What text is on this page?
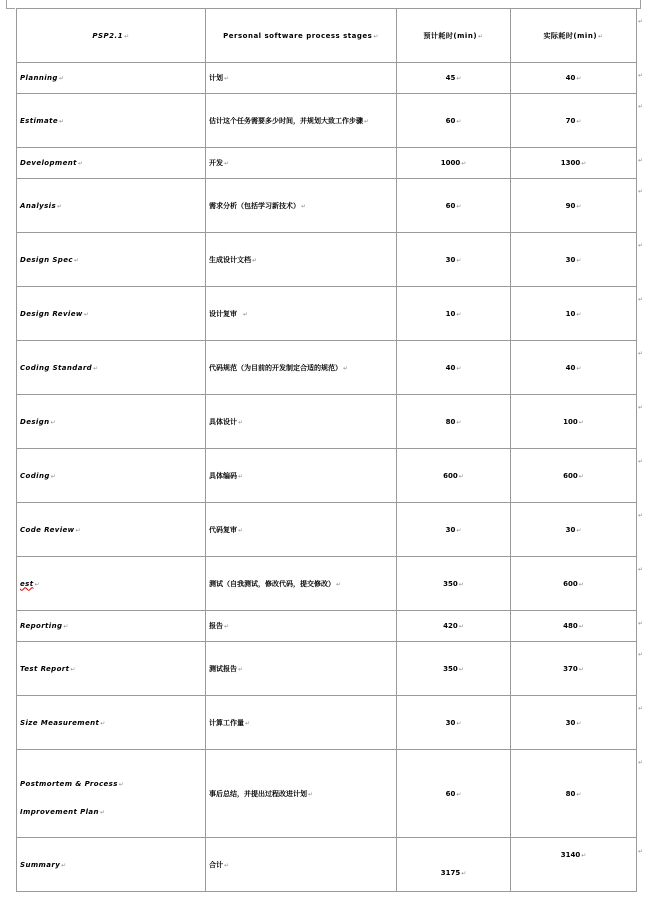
PSP2.1↵	Personal software process stages↵	预计耗时(min)↵	实际耗时(min)↵
Planning↵	计划↵	45↵	40↵
Estimate↵	估计这个任务需要多少时间，并规划大致工作步骤↵	60↵	70↵
Development↵	开发↵	1000↵	1300↵
Analysis↵	需求分析（包括学习新技术）↵	60↵	90↵
Design Spec↵	生成设计文档↵	30↵	30↵
Design Review↵	设计复审 ↵	10↵	10↵
Coding Standard↵	代码规范（为目前的开发制定合适的规范）↵	40↵	40↵
Design↵	具体设计↵	80↵	100↵
Coding↵	具体编码↵	600↵	600↵
Code Review↵	代码复审↵	30↵	30↵
est↵	测试（自我测试，修改代码，提交修改）↵	350↵	600↵
Reporting↵	报告↵	420↵	480↵
Test Report↵	测试报告↵	350↵	370↵
Size Measurement↵	计算工作量↵	30↵	30↵

Postmortem & Process↵
Improvement Plan↵	事后总结，并提出过程改进计划↵	60↵	80↵
Summary↵	合计↵	3175↵	3140↵
↵
↵
↵
↵
↵
↵
↵
↵
↵
↵
↵
↵
↵
↵
↵
↵
↵
